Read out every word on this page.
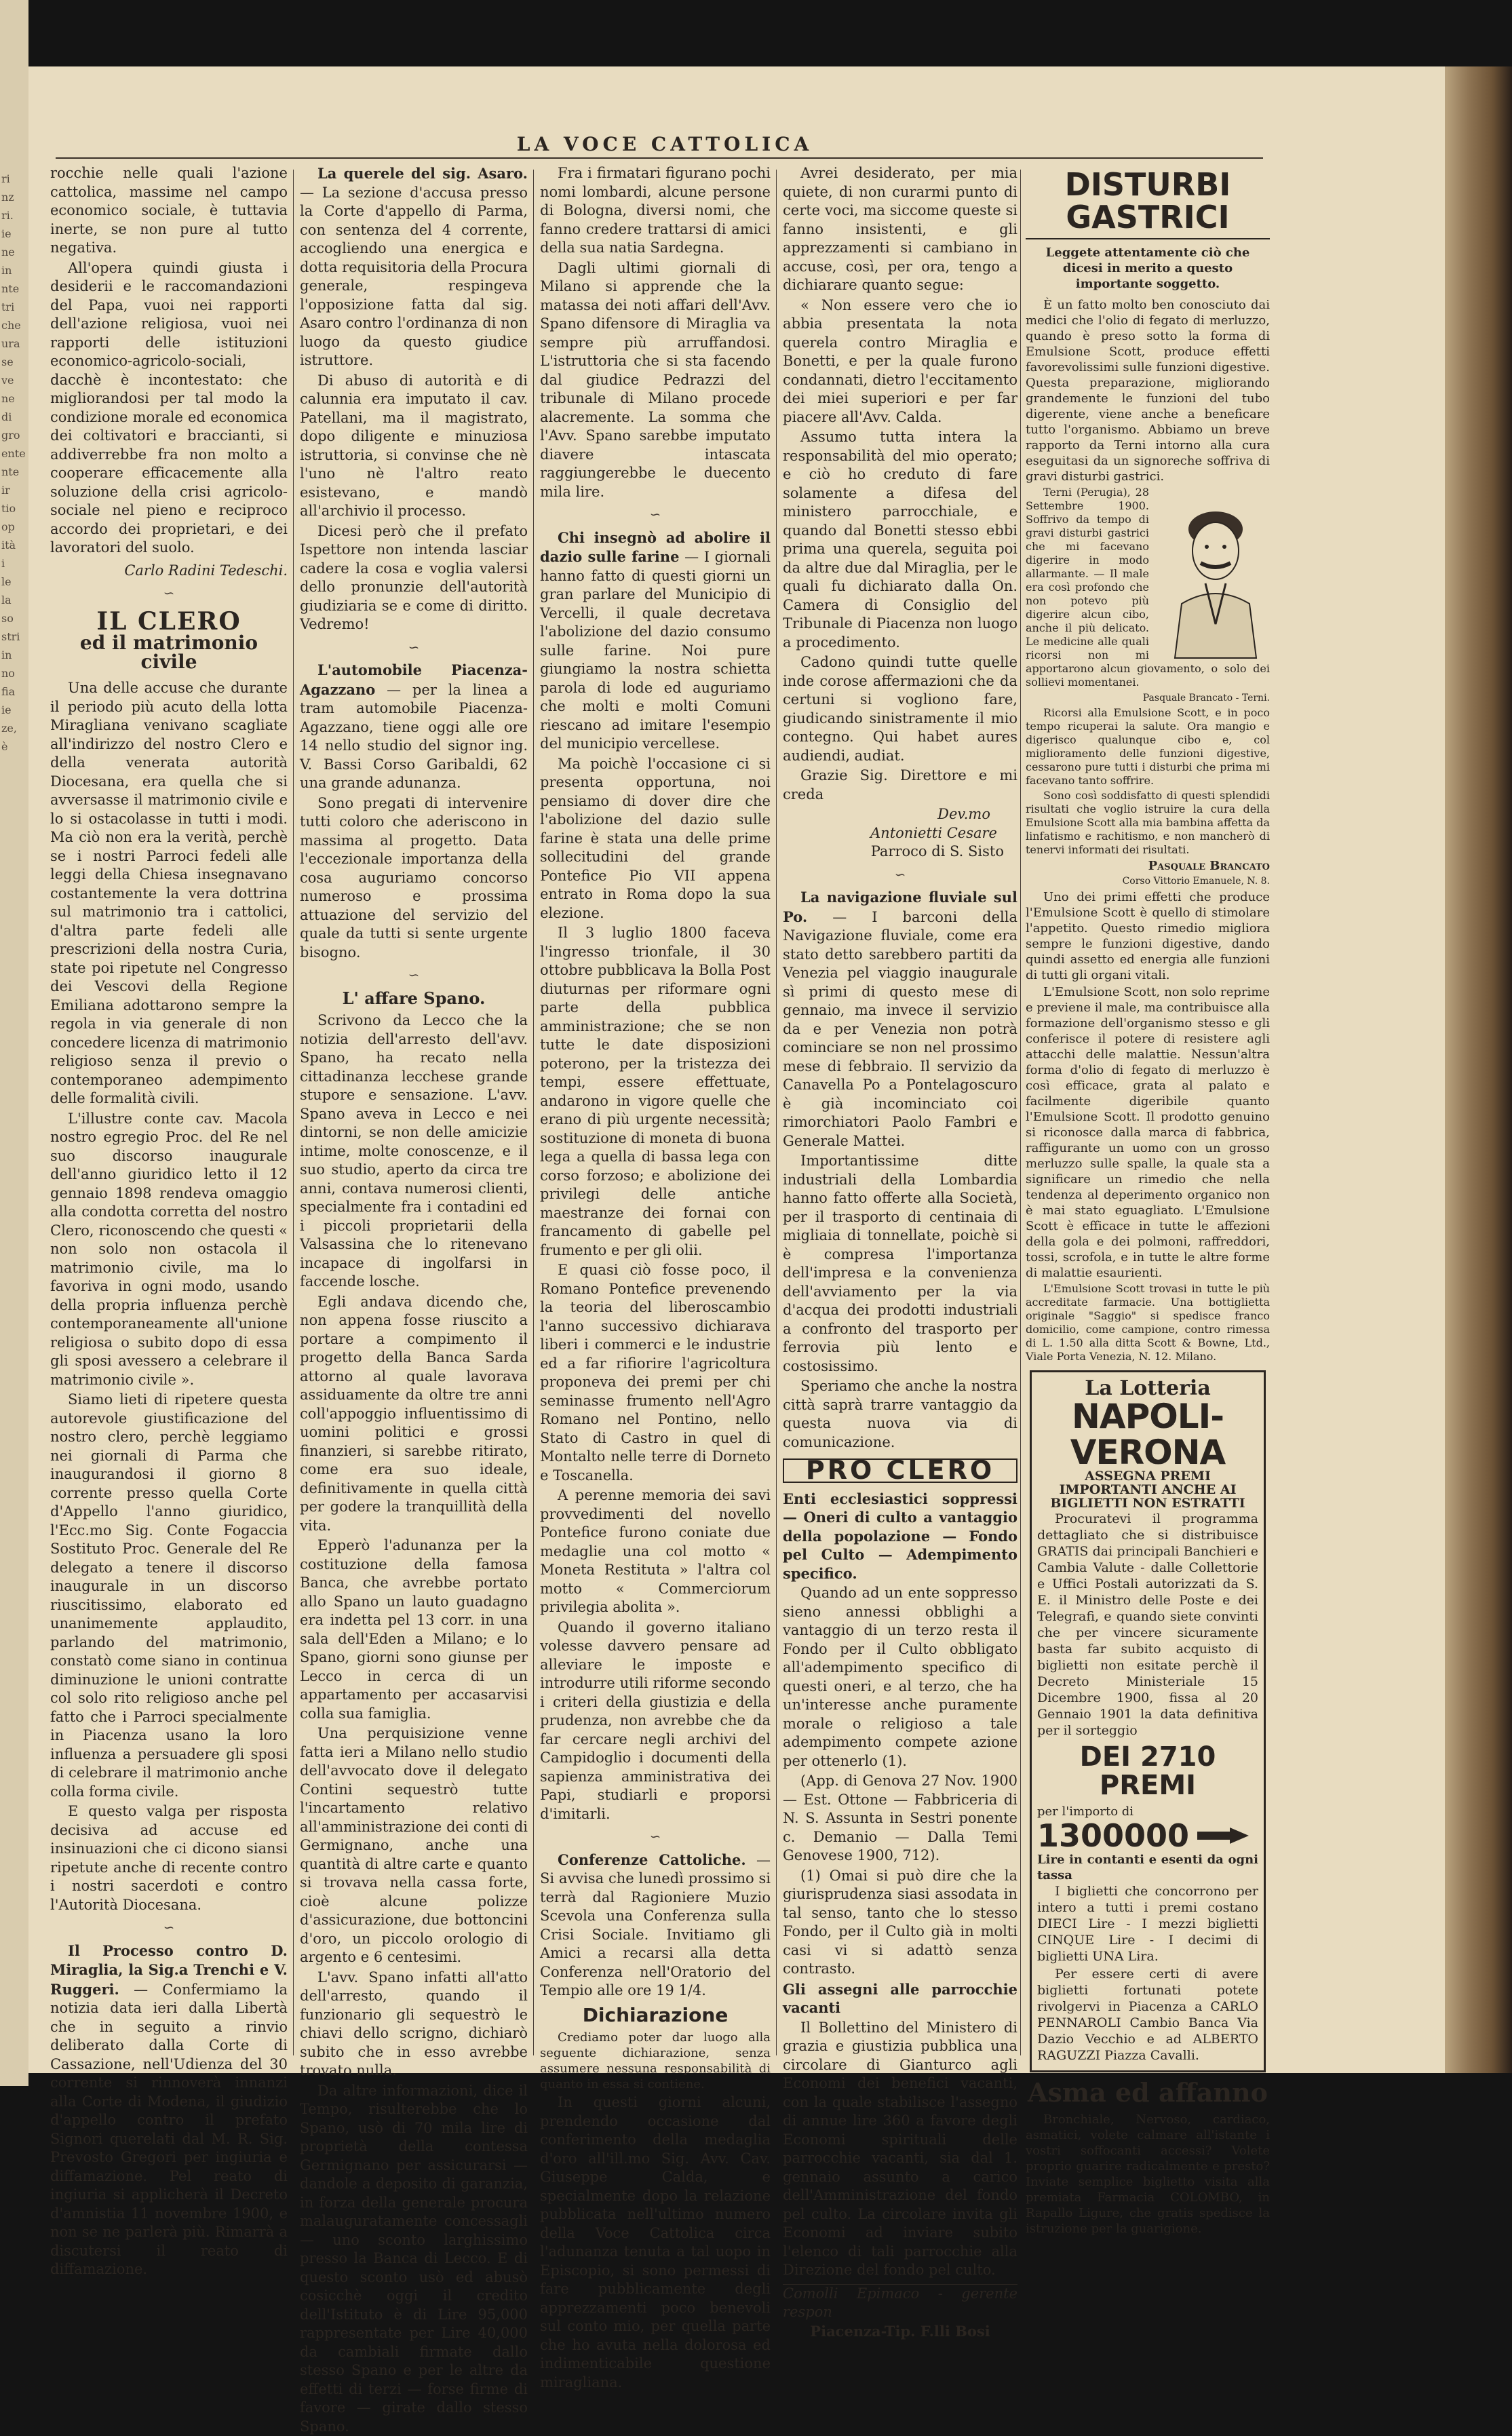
ri
nz
ri.
ie
ne
in
nte
tri
che
ura
se
ve
ne
di
gro
ente
nte
ir
tio
op
ità
i
le
la
so
stri
in
no
fia
ie
ze,
è
LA VOCE CATTOLICA

rocchie nelle quali l'azione cattolica, massime nel campo economico sociale, è tuttavia inerte, se non pure al tutto negativa.

All'opera quindi giusta i desiderii e le raccomandazioni del Papa, vuoi nei rapporti dell'azione religiosa, vuoi nei rapporti delle istituzioni economico-agricolo-sociali, dacchè è incontestato: che migliorandosi per tal modo la condizione morale ed economica dei coltivatori e braccianti, si addiverrebbe fra non molto a cooperare efficacemente alla soluzione della crisi agricolo-sociale nel pieno e reciproco accordo dei proprietari, e dei lavoratori del suolo.

Carlo Radini Tedeschi.
∽
IL CLERO
ed il matrimonio civile

Una delle accuse che durante il periodo più acuto della lotta Miragliana venivano scagliate all'indirizzo del nostro Clero e della venerata autorità Diocesana, era quella che si avversasse il matrimonio civile e lo si ostacolasse in tutti i modi. Ma ciò non era la verità, perchè se i nostri Parroci fedeli alle leggi della Chiesa insegnavano costantemente la vera dottrina sul matrimonio tra i cattolici, d'altra parte fedeli alle prescrizioni della nostra Curia, state poi ripetute nel Congresso dei Vescovi della Regione Emiliana adottarono sempre la regola in via generale di non concedere licenza di matrimonio religioso senza il previo o contemporaneo adempimento delle formalità civili.

L'illustre conte cav. Macola nostro egregio Proc. del Re nel suo discorso inaugurale dell'anno giuridico letto il 12 gennaio 1898 rendeva omaggio alla condotta corretta del nostro Clero, riconoscendo che questi « non solo non ostacola il matrimonio civile, ma lo favoriva in ogni modo, usando della propria influenza perchè contemporaneamente all'unione religiosa o subito dopo di essa gli sposi avessero a celebrare il matrimonio civile ».

Siamo lieti di ripetere questa autorevole giustificazione del nostro clero, perchè leggiamo nei giornali di Parma che inaugurandosi il giorno 8 corrente presso quella Corte d'Appello l'anno giuridico, l'Ecc.mo Sig. Conte Fogaccia Sostituto Proc. Generale del Re delegato a tenere il discorso inaugurale in un discorso riuscitissimo, elaborato ed unanimemente applaudito, parlando del matrimonio, constatò come siano in continua diminuzione le unioni contratte col solo rito religioso anche pel fatto che i Parroci specialmente in Piacenza usano la loro influenza a persuadere gli sposi di celebrare il matrimonio anche colla forma civile.

E questo valga per risposta decisiva ad accuse ed insinuazioni che ci dicono siansi ripetute anche di recente contro i nostri sacerdoti e contro l'Autorità Diocesana.

∽

Il Processo contro D. Miraglia, la Sig.a Trenchi e V. Ruggeri. — Confermiamo la notizia data ieri dalla Libertà che in seguito a rinvio deliberato dalla Corte di Cassazione, nell'Udienza del 30 corrente si rinnoverà innanzi alla Corte di Modena, il giudizio d'appello contro il prefato Signori querelati dal M. R. Sig. Prevosto Gregori per ingiuria e diffamazione. Pel reato di ingiuria si applicherà il Decreto d'amnistia 11 novembre 1900, e non se ne parlerà più. Rimarrà a discutersi il reato di diffamazione.

La querele del sig. Asaro. — La sezione d'accusa presso la Corte d'appello di Parma, con sentenza del 4 corrente, accogliendo una energica e dotta requisitoria della Procura generale, respingeva l'opposizione fatta dal sig. Asaro contro l'ordinanza di non luogo da questo giudice istruttore.

Di abuso di autorità e di calunnia era imputato il cav. Patellani, ma il magistrato, dopo diligente e minuziosa istruttoria, si convinse che nè l'uno nè l'altro reato esistevano, e mandò all'archivio il processo.

Dicesi però che il prefato Ispettore non intenda lasciar cadere la cosa e voglia valersi dello pronunzie dell'autorità giudiziaria se e come di diritto. Vedremo!

∽

L'automobile Piacenza-Agazzano — per la linea a tram automobile Piacenza-Agazzano, tiene oggi alle ore 14 nello studio del signor ing. V. Bassi Corso Garibaldi, 62 una grande adunanza.

Sono pregati di intervenire tutti coloro che aderiscono in massima al progetto. Data l'eccezionale importanza della cosa auguriamo concorso numeroso e prossima attuazione del servizio del quale da tutti si sente urgente bisogno.

∽
L' affare Spano.

Scrivono da Lecco che la notizia dell'arresto dell'avv. Spano, ha recato nella cittadinanza lecchese grande stupore e sensazione. L'avv. Spano aveva in Lecco e nei dintorni, se non delle amicizie intime, molte conoscenze, e il suo studio, aperto da circa tre anni, contava numerosi clienti, specialmente fra i contadini ed i piccoli proprietarii della Valsassina che lo ritenevano incapace di ingolfarsi in faccende losche.

Egli andava dicendo che, non appena fosse riuscito a portare a compimento il progetto della Banca Sarda attorno al quale lavorava assiduamente da oltre tre anni coll'appoggio influentissimo di uomini politici e grossi finanzieri, si sarebbe ritirato, come era suo ideale, definitivamente in quella città per godere la tranquillità della vita.

Epperò l'adunanza per la costituzione della famosa Banca, che avrebbe portato allo Spano un lauto guadagno era indetta pel 13 corr. in una sala dell'Eden a Milano; e lo Spano, giorni sono giunse per Lecco in cerca di un appartamento per accasarvisi colla sua famiglia.

Una perquisizione venne fatta ieri a Milano nello studio dell'avvocato dove il delegato Contini sequestrò tutte l'incartamento relativo all'amministrazione dei conti di Germignano, anche una quantità di altre carte e quanto si trovava nella cassa forte, cioè alcune polizze d'assicurazione, due bottoncini d'oro, un piccolo orologio di argento e 6 centesimi.

L'avv. Spano infatti all'atto dell'arresto, quando il funzionario gli sequestrò le chiavi dello scrigno, dichiarò subito che in esso avrebbe trovato nulla.

Da altre informazioni, dice il Tempo, risulterebbe che lo Spano, usò di 70 mila lire di proprietà della contessa Germignano per assicurarsi — dandole a deposito di garanzia, in forza della generale procura malauguratamente concessagli — uno sconto larghissimo presso la Banca di Lecco. E di questo sconto usò ed abusò cosicchè oggi il credito dell'Istituto è di Lire 95,000 rappresentate per Lire 40,000 da cambiali firmate dallo stesso Spano e per le altre da effetti di terzi — forse firme di favore — girate dallo stesso Spano.

Fra i firmatari figurano pochi nomi lombardi, alcune persone di Bologna, diversi nomi, che fanno credere trattarsi di amici della sua natia Sardegna.

Dagli ultimi giornali di Milano si apprende che la matassa dei noti affari dell'Avv. Spano difensore di Miraglia va sempre più arruffandosi. L'istruttoria che si sta facendo dal giudice Pedrazzi del tribunale di Milano procede alacremente. La somma che l'Avv. Spano sarebbe imputato diavere intascata raggiungerebbe le duecento mila lire.

∽

Chi insegnò ad abolire il dazio sulle farine — I giornali hanno fatto di questi giorni un gran parlare del Municipio di Vercelli, il quale decretava l'abolizione del dazio consumo sulle farine. Noi pure giungiamo la nostra schietta parola di lode ed auguriamo che molti e molti Comuni riescano ad imitare l'esempio del municipio vercellese.

Ma poichè l'occasione ci si presenta opportuna, noi pensiamo di dover dire che l'abolizione del dazio sulle farine è stata una delle prime sollecitudini del grande Pontefice Pio VII appena entrato in Roma dopo la sua elezione.

Il 3 luglio 1800 faceva l'ingresso trionfale, il 30 ottobre pubblicava la Bolla Post diuturnas per riformare ogni parte della pubblica amministrazione; che se non tutte le date disposizioni poterono, per la tristezza dei tempi, essere effettuate, andarono in vigore quelle che erano di più urgente necessità; sostituzione di moneta di buona lega a quella di bassa lega con corso forzoso; e abolizione dei privilegi delle antiche maestranze dei fornai con francamento di gabelle pel frumento e per gli olii.

E quasi ciò fosse poco, il Romano Pontefice prevenendo la teoria del liberoscambio l'anno successivo dichiarava liberi i commerci e le industrie ed a far rifiorire l'agricoltura proponeva dei premi per chi seminasse frumento nell'Agro Romano nel Pontino, nello Stato di Castro in quel di Montalto nelle terre di Dorneto e Toscanella.

A perenne memoria dei savi provvedimenti del novello Pontefice furono coniate due medaglie una col motto « Moneta Restituta » l'altra col motto « Commerciorum privilegia abolita ».

Quando il governo italiano volesse davvero pensare ad alleviare le imposte e introdurre utili riforme secondo i criteri della giustizia e della prudenza, non avrebbe che da far cercare negli archivi del Campidoglio i documenti della sapienza amministrativa dei Papi, studiarli e proporsi d'imitarli.

∽

Conferenze Cattoliche. — Si avvisa che lunedì prossimo si terrà dal Ragioniere Muzio Scevola una Conferenza sulla Crisi Sociale. Invitiamo gli Amici a recarsi alla detta Conferenza nell'Oratorio del Tempio alle ore 19 1/4.

Dichiarazione

Crediamo poter dar luogo alla seguente dichiarazione, senza assumere nessuna responsabilità di quanto in essa si contiene.

In questi giorni alcuni, prendendo occasione dal conferimento della medaglia d'oro all'ill.mo Sig. Avv. Cav. Giuseppe Calda, e specialmente dopo la relazione pubblicata nell'ultimo numero della Voce Cattolica circa l'adunanza tenuta a tal uopo in Episcopio, si sono permessi di fare pubblicamente degli apprezzamenti poco benevoli sul conto mio, per quella parte che ho avuta nella dolorosa ed indimenticabile questione miragliana.

Avrei desiderato, per mia quiete, di non curarmi punto di certe voci, ma siccome queste si fanno insistenti, e gli apprezzamenti si cambiano in accuse, così, per ora, tengo a dichiarare quanto segue:

« Non essere vero che io abbia presentata la nota querela contro Miraglia e Bonetti, e per la quale furono condannati, dietro l'eccitamento dei miei superiori e per far piacere all'Avv. Calda.

Assumo tutta intera la responsabilità del mio operato; e ciò ho creduto di fare solamente a difesa del ministero parrocchiale, e quando dal Bonetti stesso ebbi prima una querela, seguita poi da altre due dal Miraglia, per le quali fu dichiarato dalla On. Camera di Consiglio del Tribunale di Piacenza non luogo a procedimento.

Cadono quindi tutte quelle inde corose affermazioni che da certuni si vogliono fare, giudicando sinistramente il mio contegno. Qui habet aures audiendi, audiat.

Grazie Sig. Direttore e mi creda

Dev.mo
Antonietti Cesare
Parroco di S. Sisto
∽

La navigazione fluviale sul Po. — I barconi della Navigazione fluviale, come era stato detto sarebbero partiti da Venezia pel viaggio inaugurale sì primi di questo mese di gennaio, ma invece il servizio da e per Venezia non potrà cominciare se non nel prossimo mese di febbraio. Il servizio da Canavella Po a Pontelagoscuro è già incominciato coi rimorchiatori Paolo Fambri e Generale Mattei.

Importantissime ditte industriali della Lombardia hanno fatto offerte alla Società, per il trasporto di centinaia di migliaia di tonnellate, poichè si è compresa l'importanza dell'impresa e la convenienza dell'avviamento per la via d'acqua dei prodotti industriali a confronto del trasporto per ferrovia più lento e costosissimo.

Speriamo che anche la nostra città saprà trarre vantaggio da questa nuova via di comunicazione.

PRO CLERO

Enti ecclesiastici soppressi — Oneri di culto a vantaggio della popolazione — Fondo pel Culto — Adempimento specifico.

Quando ad un ente soppresso sieno annessi obblighi a vantaggio di un terzo resta il Fondo per il Culto obbligato all'adempimento specifico di questi oneri, e al terzo, che ha un'interesse anche puramente morale o religioso a tale adempimento compete azione per ottenerlo (1).

(App. di Genova 27 Nov. 1900 — Est. Ottone — Fabbriceria di N. S. Assunta in Sestri ponente c. Demanio — Dalla Temi Genovese 1900, 712).

(1) Omai si può dire che la giurisprudenza siasi assodata in tal senso, tanto che lo stesso Fondo, per il Culto già in molti casi vi si adattò senza contrasto.

Gli assegni alle parrocchie vacanti

Il Bollettino del Ministero di grazia e giustizia pubblica una circolare di Gianturco agli Economi dei benefici vacanti, con la quale stabilisce l'assegno di annue lire 360 a favore degli Economi spirituali delle parrocchie vacanti, sia dal 1. gennaio assunto a carico dell'Amministrazione del fondo pel culto. La circolare invita gli Economi ad inviare subito l'elenco di tali parrocchie alla Direzione del fondo pel culto.

Comolli Epimaco - gerente respon
Piacenza-Tip. F.lli Bosi
DISTURBI GASTRICI
Leggete attentamente ciò che dicesi in merito a questo importante soggetto.

È un fatto molto ben conosciuto dai medici che l'olio di fegato di merluzzo, quando è preso sotto la forma di Emulsione Scott, produce effetti favorevolissimi sulle funzioni digestive. Questa preparazione, migliorando grandemente le funzioni del tubo digerente, viene anche a beneficare tutto l'organismo. Abbiamo un breve rapporto da Terni intorno alla cura eseguitasi da un signoreche soffriva di gravi disturbi gastrici.

Terni (Perugia), 28 Settembre 1900. Soffrivo da tempo di gravi disturbi gastrici che mi facevano digerire in modo allarmante. — Il male era così profondo che non potevo più digerire alcun cibo, anche il più delicato. Le medicine alle quali ricorsi non mi apportarono alcun giovamento, o solo dei sollievi momentanei.

Pasquale Brancato - Terni.

Ricorsi alla Emulsione Scott, e in poco tempo ricuperai la salute. Ora mangio e digerisco qualunque cibo e, col miglioramento delle funzioni digestive, cessarono pure tutti i disturbi che prima mi facevano tanto soffrire.

Sono così soddisfatto di questi splendidi risultati che voglio istruire la cura della Emulsione Scott alla mia bambina affetta da linfatismo e rachitismo, e non mancherò di tenervi informati dei risultati.

Pasquale Brancato
Corso Vittorio Emanuele, N. 8.

Uno dei primi effetti che produce l'Emulsione Scott è quello di stimolare l'appetito. Questo rimedio migliora sempre le funzioni digestive, dando quindi assetto ed energia alle funzioni di tutti gli organi vitali.

L'Emulsione Scott, non solo reprime e previene il male, ma contribuisce alla formazione dell'organismo stesso e gli conferisce il potere di resistere agli attacchi delle malattie. Nessun'altra forma d'olio di fegato di merluzzo è così efficace, grata al palato e facilmente digeribile quanto l'Emulsione Scott. Il prodotto genuino si riconosce dalla marca di fabbrica, raffigurante un uomo con un grosso merluzzo sulle spalle, la quale sta a significare un rimedio che nella tendenza al deperimento organico non è mai stato eguagliato. L'Emulsione Scott è efficace in tutte le affezioni della gola e dei polmoni, raffreddori, tossi, scrofola, e in tutte le altre forme di malattie esaurienti.

L'Emulsione Scott trovasi in tutte le più accreditate farmacie. Una bottiglietta originale "Saggio" si spedisce franco domicilio, come campione, contro rimessa di L. 1.50 alla ditta Scott & Bowne, Ltd., Viale Porta Venezia, N. 12. Milano.

La Lotteria
NAPOLI-VERONA
ASSEGNA PREMI IMPORTANTI ANCHE AI BIGLIETTI NON ESTRATTI

Procuratevi il programma dettagliato che si distribuisce GRATIS dai principali Banchieri e Cambia Valute - dalle Collettorie e Uffici Postali autorizzati da S. E. il Ministro delle Poste e dei Telegrafi, e quando siete convinti che per vincere sicuramente basta far subito acquisto di biglietti non esitate perchè il Decreto Ministeriale 15 Dicembre 1900, fissa al 20 Gennaio 1901 la data definitiva per il sorteggio

DEI 2710 PREMI
per l'importo di
1300000
Lire in contanti e esenti da ogni tassa

I biglietti che concorrono per intero a tutti i premi costano DIECI Lire - I mezzi biglietti CINQUE Lire - I decimi di biglietti UNA Lira.

Per essere certi di avere biglietti fortunati potete rivolgervi in Piacenza a CARLO PENNAROLI Cambio Banca Via Dazio Vecchio e ad ALBERTO RAGUZZI Piazza Cavalli.

Asma ed affanno

Bronchiale, Nervoso, cardiaco, asmatici, volete calmare all'istante i vostri soffocanti accessi? Volete proprio guarire radicalmente e presto? Inviate semplice biglietto visita alla premiata Farmacia COLOMBO, in Rapallo Ligure, che gratis spedisce la istruzione per la guarigione.
